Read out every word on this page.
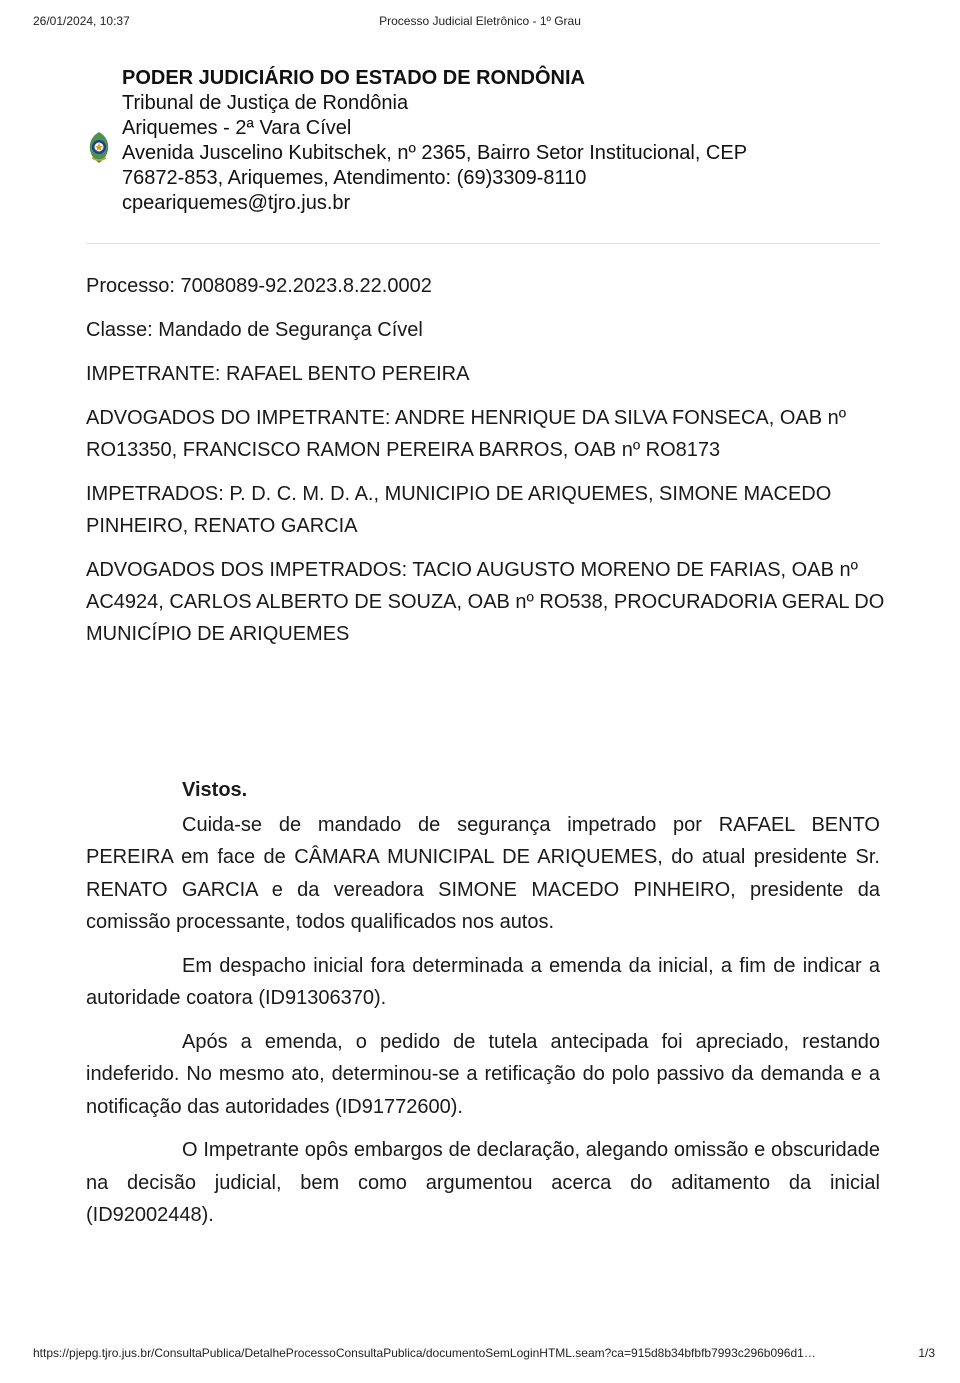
26/01/2024, 10:37	Processo Judicial Eletrônico - 1º Grau
PODER JUDICIÁRIO DO ESTADO DE RONDÔNIA
Tribunal de Justiça de Rondônia
Ariquemes - 2ª Vara Cível
Avenida Juscelino Kubitschek, nº 2365, Bairro Setor Institucional, CEP
76872-853, Ariquemes, Atendimento: (69)3309-8110
cpeariquemes@tjro.jus.br

Processo: 7008089-92.2023.8.22.0002

Classe: Mandado de Segurança Cível

IMPETRANTE: RAFAEL BENTO PEREIRA

ADVOGADOS DO IMPETRANTE: ANDRE HENRIQUE DA SILVA FONSECA, OAB nº RO13350, FRANCISCO RAMON PEREIRA BARROS, OAB nº RO8173

IMPETRADOS: P. D. C. M. D. A., MUNICIPIO DE ARIQUEMES, SIMONE MACEDO PINHEIRO, RENATO GARCIA

ADVOGADOS DOS IMPETRADOS: TACIO AUGUSTO MORENO DE FARIAS, OAB nº AC4924, CARLOS ALBERTO DE SOUZA, OAB nº RO538, PROCURADORIA GERAL DO MUNICÍPIO DE ARIQUEMES

Vistos.

Cuida-se de mandado de segurança impetrado por RAFAEL BENTO PEREIRA em face de CÂMARA MUNICIPAL DE ARIQUEMES, do atual presidente Sr. RENATO GARCIA e da vereadora SIMONE MACEDO PINHEIRO, presidente da comissão processante, todos qualificados nos autos.

Em despacho inicial fora determinada a emenda da inicial, a fim de indicar a autoridade coatora (ID91306370).

Após a emenda, o pedido de tutela antecipada foi apreciado, restando indeferido. No mesmo ato, determinou-se a retificação do polo passivo da demanda e a notificação das autoridades (ID91772600).

O Impetrante opôs embargos de declaração, alegando omissão e obscuridade na decisão judicial, bem como argumentou acerca do aditamento da inicial (ID92002448).

https://pjepg.tjro.jus.br/ConsultaPublica/DetalheProcessoConsultaPublica/documentoSemLoginHTML.seam?ca=915d8b34bfbfb7993c296b096d1…	1/3
